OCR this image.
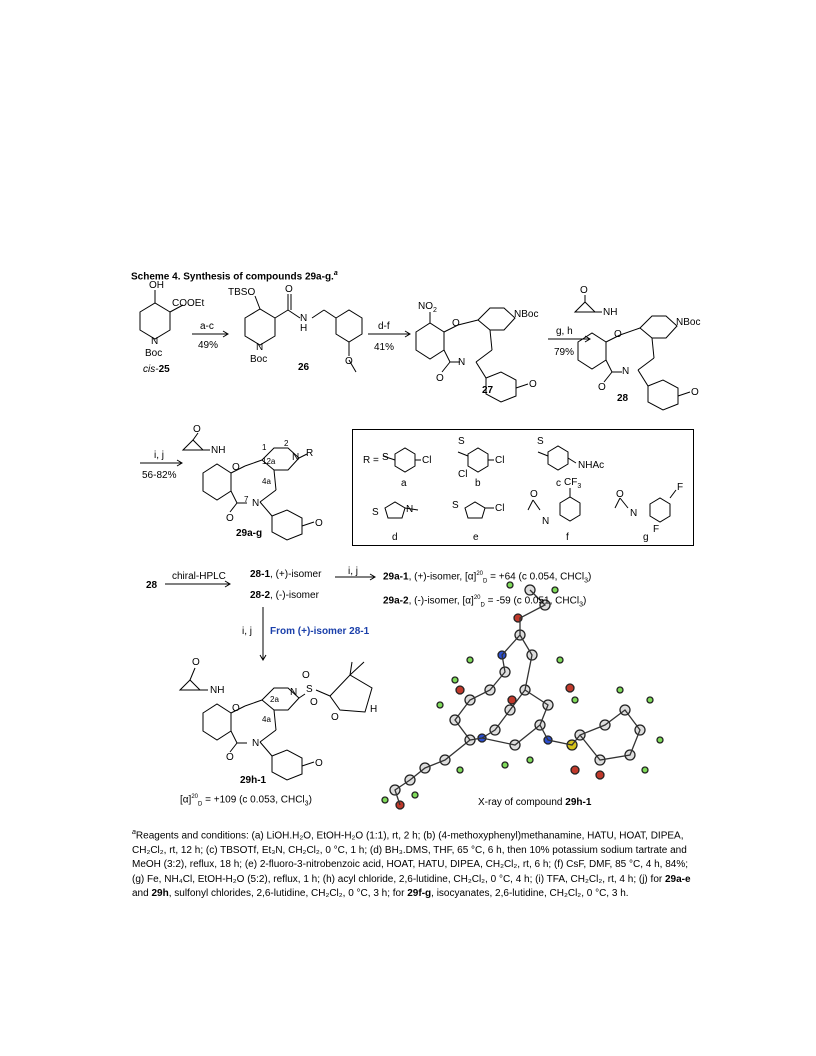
Scheme 4. Synthesis of compounds 29a-g.$^a$
OH
COOEt
N
Boc
cis-25
a-c
49%
TBSO	O
N
H
N
Boc
26
O
d-f
41%
$NO_2$
O
NBoc
N
O
27
O
g, h
79%
O
NH
O
NBoc
N
O
28
O
i, j
56-82%
O
NH
O
1 2
N R
12a
4a
7 N
O
29a-g
O
R = S	Cl
a
S
Cl
Cl
b
S
NHAc
c
S	N
d
S	Cl
e
O
N
$CF_3$
f
O
N
F
F
g
28
chiral-HPLC 28-1, (+)-isomer
28-2, (-)-isomer
i, j	29a-1, (+)-isomer, $[\alpha]^{20}_D = +64$ (c 0.054, CHCl$_3$)
29a-2, (-)-isomer, $[\alpha]^{20}_D = -59$ (c 0.051, CHCl$_3$)
i, j From (+)-isomer 28-1
O
NH
O
2a
4a
N S
O
O
O
H
N
O
O
29h-1
$[\alpha]^{20}_D = +109$ (c 0.053, CHCl$_3$)	X-ray of compound 29h-1
$^a$Reagents and conditions: (a) LiOH.H₂O, EtOH-H₂O (1:1), rt, 2 h; (b) (4-methoxyphenyl)methanamine, HATU, HOAT, DIPEA, CH₂Cl₂, rt, 12 h; (c) TBSOTf, Et₃N, CH₂Cl₂, 0 °C, 1 h; (d) BH₃.DMS, THF, 65 °C, 6 h, then 10% potassium sodium tartrate and MeOH (3:2), reflux, 18 h; (e) 2-fluoro-3-nitrobenzoic acid, HOAT, HATU, DIPEA, CH₂Cl₂, rt, 6 h; (f) CsF, DMF, 85 °C, 4 h, 84%; (g) Fe, NH₄Cl, EtOH-H₂O (5:2), reflux, 1 h; (h) acyl chloride, 2,6-lutidine, CH₂Cl₂, 0 °C, 4 h; (i) TFA, CH₂Cl₂, rt, 4 h; (j) for 29a-e and 29h, sulfonyl chlorides, 2,6-lutidine, CH₂Cl₂, 0 °C, 3 h; for 29f-g, isocyanates, 2,6-lutidine, CH₂Cl₂, 0 °C, 3 h.
